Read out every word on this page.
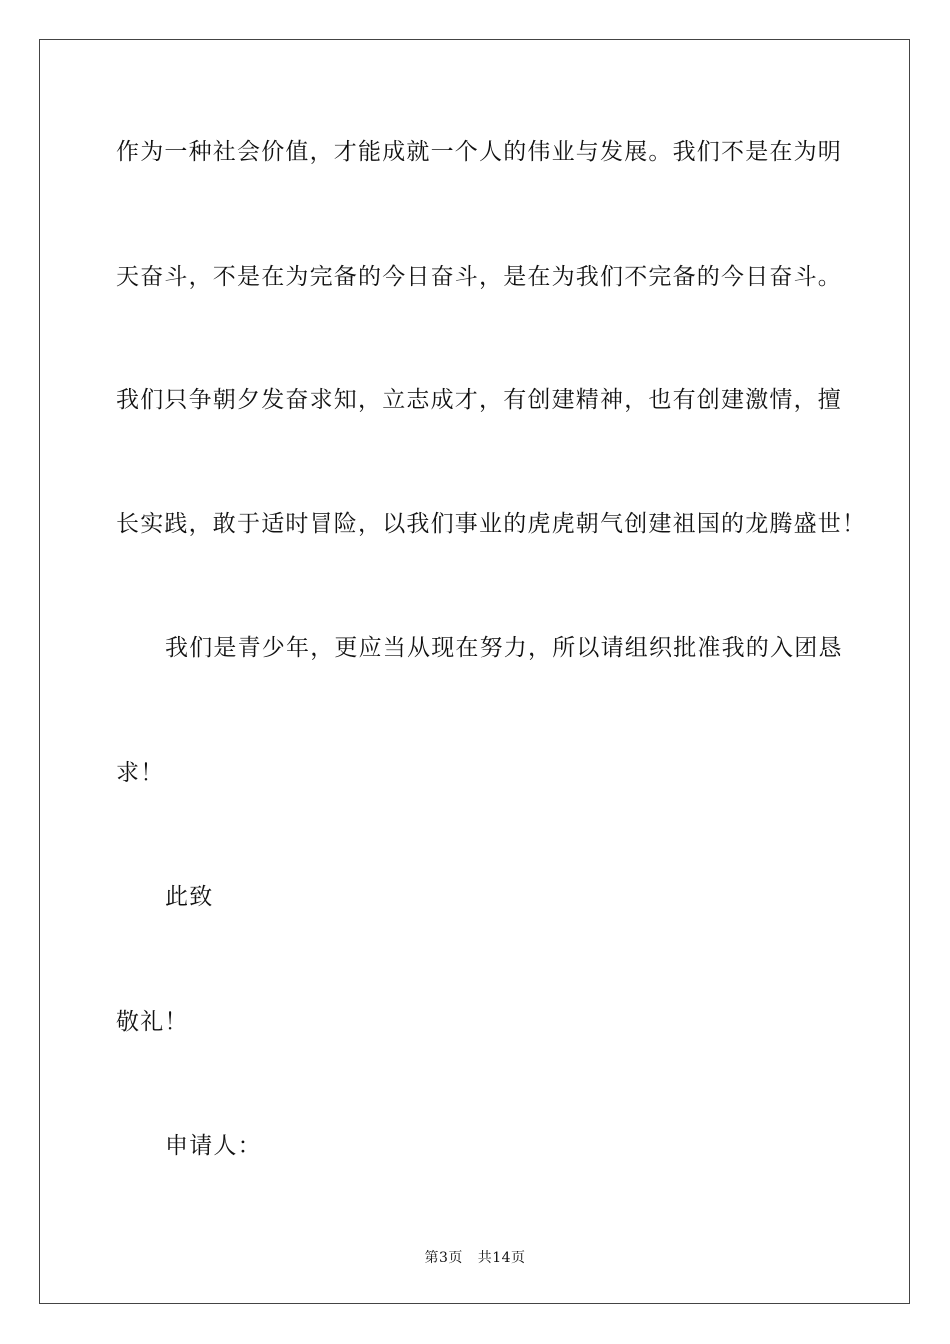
作为一种社会价值，才能成就一个人的伟业与发展。我们不是在为明
天奋斗，不是在为完备的今日奋斗，是在为我们不完备的今日奋斗。
我们只争朝夕发奋求知，立志成才，有创建精神，也有创建激情，擅
长实践，敢于适时冒险，以我们事业的虎虎朝气创建祖国的龙腾盛世！
我们是青少年，更应当从现在努力，所以请组织批准我的入团恳
求！
此致
敬礼！
申请人：
第3页   共14页
